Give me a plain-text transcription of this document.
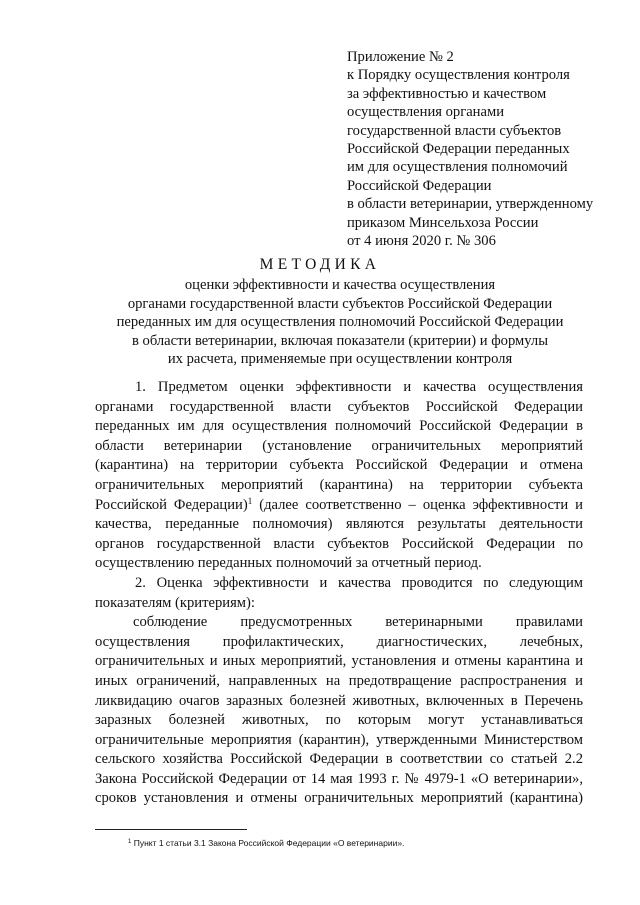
Приложение № 2
к Порядку осуществления контроля
за эффективностью и качеством
осуществления органами
государственной власти субъектов
Российской Федерации переданных
им для осуществления полномочий
Российской Федерации
в области ветеринарии, утвержденному
приказом Минсельхоза России
от 4 июня 2020 г. № 306
МЕТОДИКА
оценки эффективности и качества осуществления
органами государственной власти субъектов Российской Федерации
переданных им для осуществления полномочий Российской Федерации
в области ветеринарии, включая показатели (критерии) и формулы
их расчета, применяемые при осуществлении контроля
1. Предметом оценки эффективности и качества осуществления
органами государственной власти субъектов Российской Федерации
переданных им для осуществления полномочий Российской Федерации в
области ветеринарии (установление ограничительных мероприятий
(карантина) на территории субъекта Российской Федерации и отмена
ограничительных мероприятий (карантина) на территории субъекта
Российской Федерации)$^1$ (далее соответственно – оценка эффективности и
качества, переданные полномочия) являются результаты деятельности
органов государственной власти субъектов Российской Федерации по
осуществлению переданных полномочий за отчетный период.
2. Оценка эффективности и качества проводится по следующим
показателям (критериям):
соблюдение предусмотренных ветеринарными правилами
осуществления профилактических, диагностических, лечебных,
ограничительных и иных мероприятий, установления и отмены карантина и
иных ограничений, направленных на предотвращение распространения и
ликвидацию очагов заразных болезней животных, включенных в Перечень
заразных болезней животных, по которым могут устанавливаться
ограничительные мероприятия (карантин), утвержденными Министерством
сельского хозяйства Российской Федерации в соответствии со статьей 2.2
Закона Российской Федерации от 14 мая 1993 г. № 4979-1 «О ветеринарии»,
сроков установления и отмены ограничительных мероприятий (карантина)
$^1$ Пункт 1 статьи 3.1 Закона Российской Федерации «О ветеринарии».
